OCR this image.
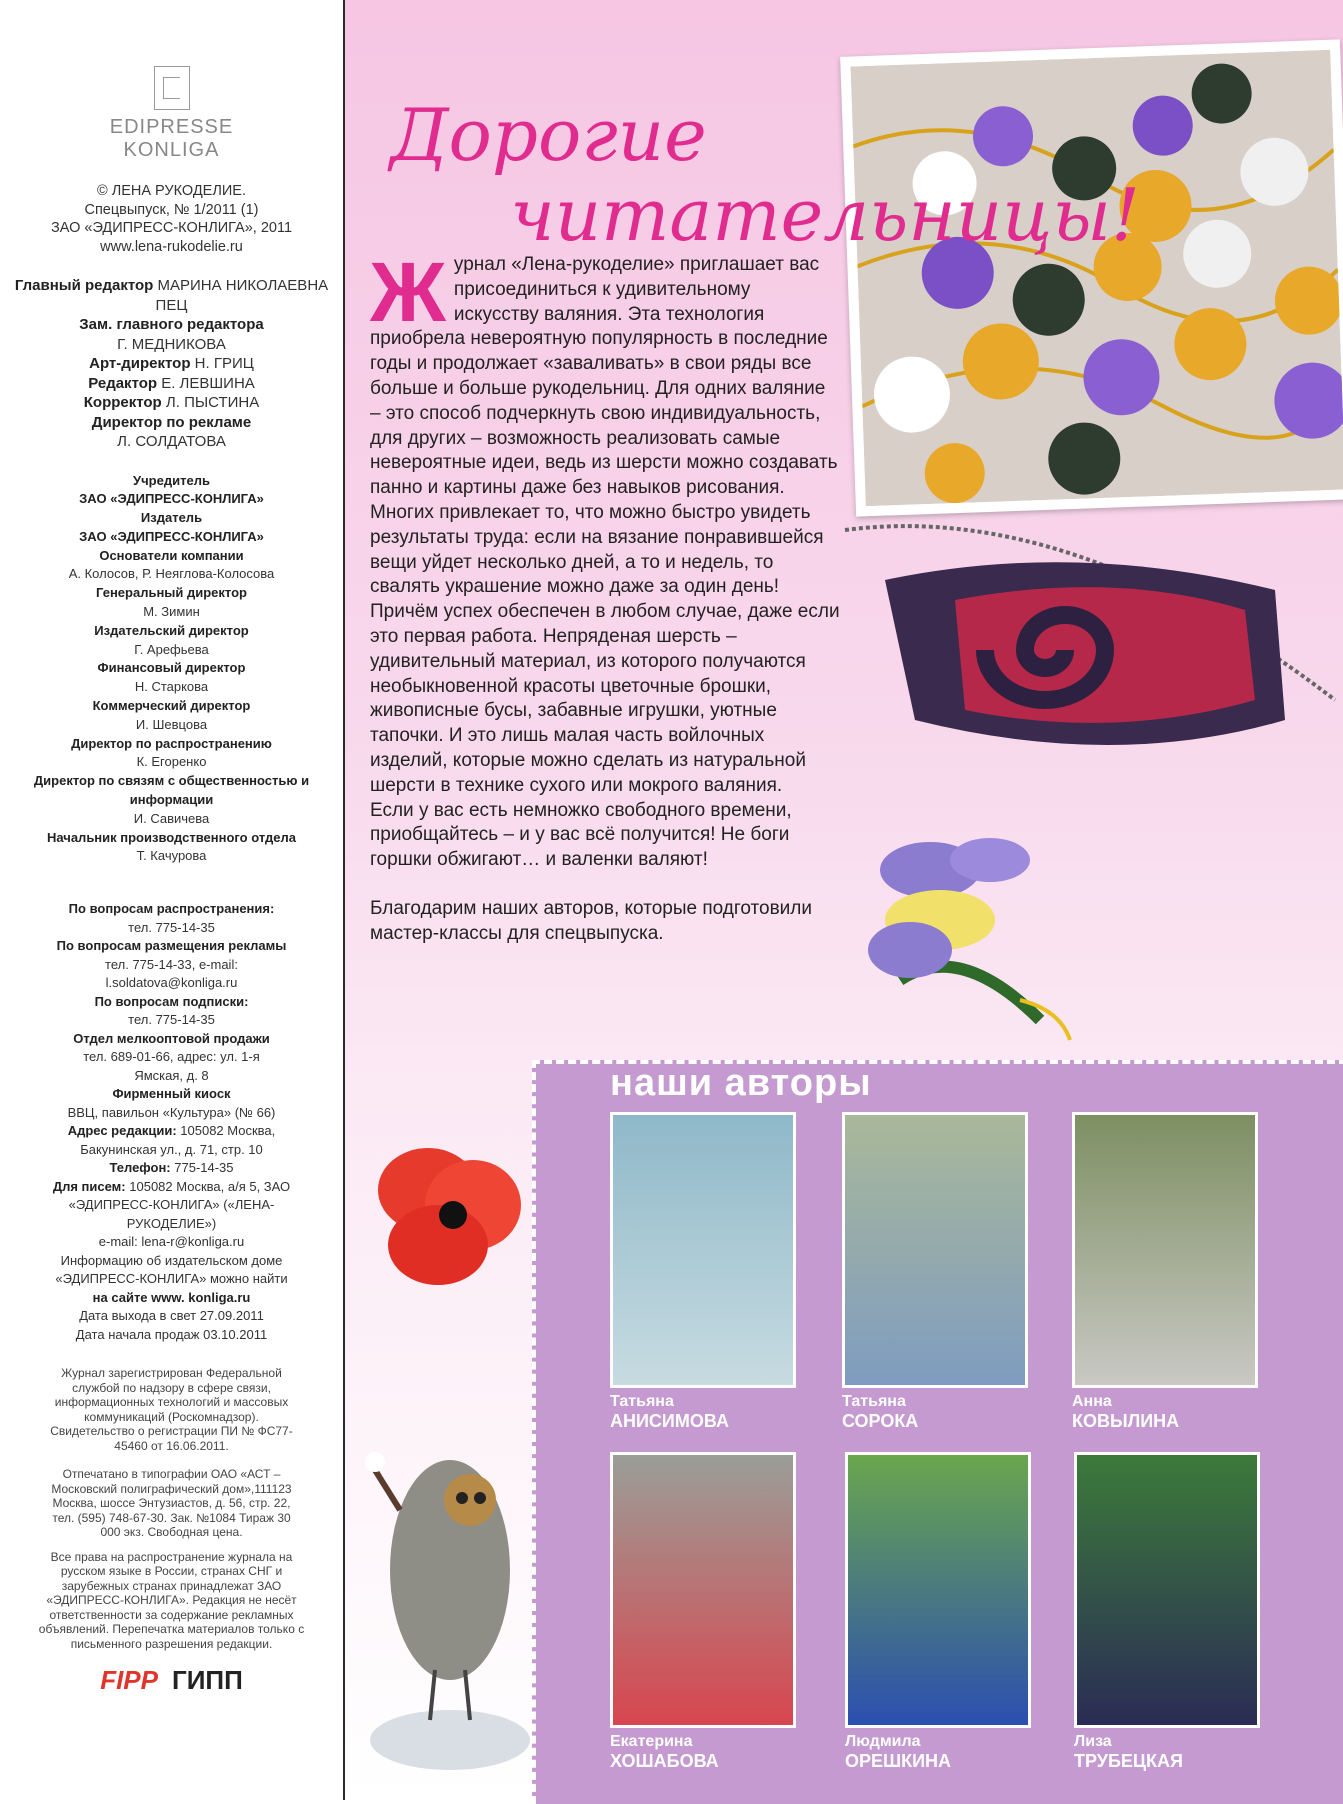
EDIPRESSE
KONLIGA

© ЛЕНА РУКОДЕЛИЕ.

Спецвыпуск, № 1/2011 (1)

ЗАО «ЭДИПРЕСС-КОНЛИГА», 2011

www.lena-rukodelie.ru

Главный редактор МАРИНА НИКОЛАЕВНА ПЕЦ

Зам. главного редактора

Г. МЕДНИКОВА

Арт-директор Н. ГРИЦ

Редактор Е. ЛЕВШИНА

Корректор Л. ПЫСТИНА

Директор по рекламе

Л. СОЛДАТОВА

Учредитель

ЗАО «ЭДИПРЕСС-КОНЛИГА»

Издатель

ЗАО «ЭДИПРЕСС-КОНЛИГА»

Основатели компании

А. Колосов, Р. Неяглова-Колосова

Генеральный директор

М. Зимин

Издательский директор

Г. Арефьева

Финансовый директор

Н. Старкова

Коммерческий директор

И. Шевцова

Директор по распространению

К. Егоренко

Директор по связям с общественностью и информации

И. Савичева

Начальник производственного отдела

Т. Качурова

По вопросам распространения:

тел. 775-14-35

По вопросам размещения рекламы

тел. 775-14-33, e-mail: l.soldatova@konliga.ru

По вопросам подписки:

тел. 775-14-35

Отдел мелкооптовой продажи

тел. 689-01-66, адрес: ул. 1-я Ямская, д. 8

Фирменный киоск

ВВЦ, павильон «Культура» (№ 66)

Адрес редакции: 105082 Москва, Бакунинская ул., д. 71, стр. 10

Телефон: 775-14-35

Для писем: 105082 Москва, а/я 5, ЗАО «ЭДИПРЕСС-КОНЛИГА» («ЛЕНА-РУКОДЕЛИЕ»)

e-mail: lena-r@konliga.ru

Информацию об издательском доме «ЭДИПРЕСС-КОНЛИГА» можно найти

на сайте www. konliga.ru

Дата выхода в свет 27.09.2011

Дата начала продаж 03.10.2011

Журнал зарегистрирован Федеральной службой по надзору в сфере связи, информационных технологий и массовых коммуникаций (Роскомнадзор). Свидетельство о регистрации ПИ № ФС77-45460 от 16.06.2011.
Отпечатано в типографии ОАО «АСТ – Московский полиграфический дом»,111123 Москва, шоссе Энтузиастов, д. 56, стр. 22, тел. (595) 748-67-30. Зак. №1084 Тираж 30 000 экз. Свободная цена.
Все права на распространение журнала на русском языке в России, странах СНГ и зарубежных странах принадлежат ЗАО «ЭДИПРЕСС-КОНЛИГА». Редакция не несёт ответственности за содержание рекламных объявлений. Перепечатка материалов только с письменного разрешения редакции.
FIPP ГИПП
Дорогие
читательницы!
Ж урнал «Лена-рукоделие» приглашает вас присоединиться к удивительному искусству валяния. Эта технология приобрела невероятную популярность в последние годы и продолжает «заваливать» в свои ряды все больше и больше рукодельниц. Для одних валяние – это способ подчеркнуть свою индивидуальность, для других – возможность реализовать самые невероятные идеи, ведь из шерсти можно создавать панно и картины даже без навыков рисования. Многих привлекает то, что можно быстро увидеть результаты труда: если на вязание понравившейся вещи уйдет несколько дней, а то и недель, то свалять украшение можно даже за один день! Причём успех обеспечен в любом случае, даже если это первая работа. Непряденая шерсть – удивительный материал, из которого получаются необыкновенной красоты цветочные брошки, живописные бусы, забавные игрушки, уютные тапочки. И это лишь малая часть войлочных изделий, которые можно сделать из натуральной шерсти в технике сухого или мокрого валяния.

Если у вас есть немножко свободного времени, приобщайтесь – и у вас всё получится! Не боги горшки обжигают… и валенки валяют!

Благодарим наших авторов, которые подготовили мастер-классы для спецвыпуска.

наши авторы
Татьяна
АНИСИМОВА
Татьяна
СОРОКА
Анна
КОВЫЛИНА
Екатерина
ХОШАБОВА
Людмила
ОРЕШКИНА
Лиза
ТРУБЕЦКАЯ
